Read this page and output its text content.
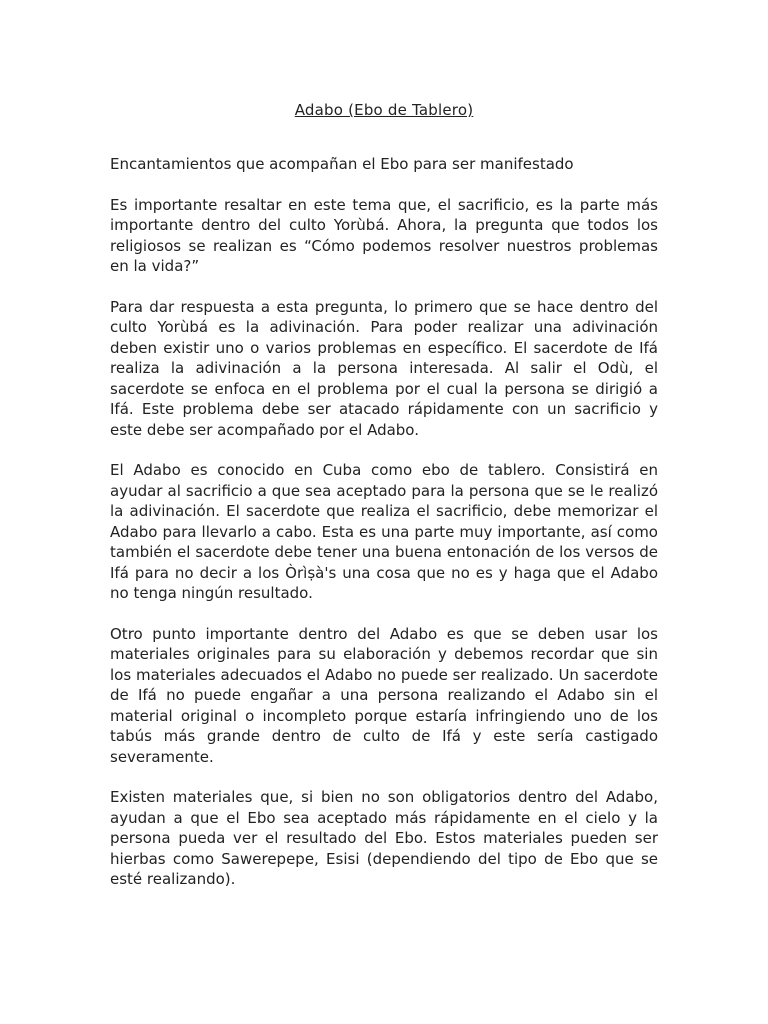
Adabo (Ebo de Tablero)
Encantamientos que acompañan el Ebo para ser manifestado
Es importante resaltar en este tema que, el sacrificio, es la parte más importante dentro del culto Yorùbá. Ahora, la pregunta que todos los religiosos se realizan es “Cómo podemos resolver nuestros problemas en la vida?”
Para dar respuesta a esta pregunta, lo primero que se hace dentro del culto Yorùbá es la adivinación. Para poder realizar una adivinación deben existir uno o varios problemas en específico. El sacerdote de Ifá realiza la adivinación a la persona interesada. Al salir el Odù, el sacerdote se enfoca en el problema por el cual la persona se dirigió a Ifá. Este problema debe ser atacado rápidamente con un sacrificio y este debe ser acompañado por el Adabo.
El Adabo es conocido en Cuba como ebo de tablero. Consistirá en ayudar al sacrificio a que sea aceptado para la persona que se le realizó la adivinación. El sacerdote que realiza el sacrificio, debe memorizar el Adabo para llevarlo a cabo. Esta es una parte muy importante, así como también el sacerdote debe tener una buena entonación de los versos de Ifá para no decir a los Òrìṣà's una cosa que no es y haga que el Adabo no tenga ningún resultado.
Otro punto importante dentro del Adabo es que se deben usar los materiales originales para su elaboración y debemos recordar que sin los materiales adecuados el Adabo no puede ser realizado. Un sacerdote de Ifá no puede engañar a una persona realizando el Adabo sin el material original o incompleto porque estaría infringiendo uno de los tabús más grande dentro de culto de Ifá y este sería castigado severamente.
Existen materiales que, si bien no son obligatorios dentro del Adabo, ayudan a que el Ebo sea aceptado más rápidamente en el cielo y la persona pueda ver el resultado del Ebo. Estos materiales pueden ser hierbas como Sawerepepe, Esisi (dependiendo del tipo de Ebo que se esté realizando).
